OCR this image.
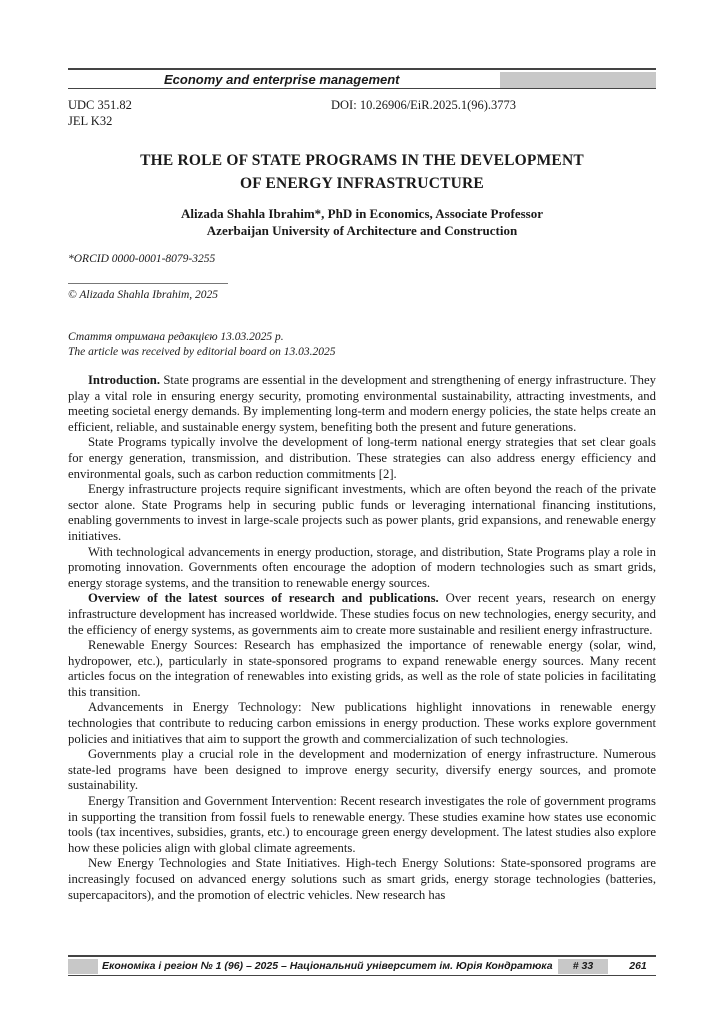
Economy and enterprise management
UDC 351.82
JEL K32
DOI: 10.26906/EiR.2025.1(96).3773
THE ROLE OF STATE PROGRAMS IN THE DEVELOPMENT
OF ENERGY INFRASTRUCTURE
Alizada Shahla Ibrahim*, PhD in Economics, Associate Professor
Azerbaijan University of Architecture and Construction
*ORCID 0000-0001-8079-3255
© Alizada Shahla Ibrahim, 2025
Стаття отримана редакцією 13.03.2025 р.
The article was received by editorial board on 13.03.2025

Introduction. State programs are essential in the development and strengthening of energy infrastructure. They play a vital role in ensuring energy security, promoting environmental sustainability, attracting investments, and meeting societal energy demands. By implementing long-term and modern energy policies, the state helps create an efficient, reliable, and sustainable energy system, benefiting both the present and future generations.

State Programs typically involve the development of long-term national energy strategies that set clear goals for energy generation, transmission, and distribution. These strategies can also address energy efficiency and environmental goals, such as carbon reduction commitments [2].

Energy infrastructure projects require significant investments, which are often beyond the reach of the private sector alone. State Programs help in securing public funds or leveraging international financing institutions, enabling governments to invest in large-scale projects such as power plants, grid expansions, and renewable energy initiatives.

With technological advancements in energy production, storage, and distribution, State Programs play a role in promoting innovation. Governments often encourage the adoption of modern technologies such as smart grids, energy storage systems, and the transition to renewable energy sources.

Overview of the latest sources of research and publications. Over recent years, research on energy infrastructure development has increased worldwide. These studies focus on new technologies, energy security, and the efficiency of energy systems, as governments aim to create more sustainable and resilient energy infrastructure.

Renewable Energy Sources: Research has emphasized the importance of renewable energy (solar, wind, hydropower, etc.), particularly in state-sponsored programs to expand renewable energy sources. Many recent articles focus on the integration of renewables into existing grids, as well as the role of state policies in facilitating this transition.

Advancements in Energy Technology: New publications highlight innovations in renewable energy technologies that contribute to reducing carbon emissions in energy production. These works explore government policies and initiatives that aim to support the growth and commercialization of such technologies.

Governments play a crucial role in the development and modernization of energy infrastructure. Numerous state-led programs have been designed to improve energy security, diversify energy sources, and promote sustainability.

Energy Transition and Government Intervention: Recent research investigates the role of government programs in supporting the transition from fossil fuels to renewable energy. These studies examine how states use economic tools (tax incentives, subsidies, grants, etc.) to encourage green energy development. The latest studies also explore how these policies align with global climate agreements.

New Energy Technologies and State Initiatives. High-tech Energy Solutions: State-sponsored programs are increasingly focused on advanced energy solutions such as smart grids, energy storage technologies (batteries, supercapacitors), and the promotion of electric vehicles. New research has

Економіка і регіон № 1 (96) – 2025 – Національний університет ім. Юрія Кондратюка	# 33	261
